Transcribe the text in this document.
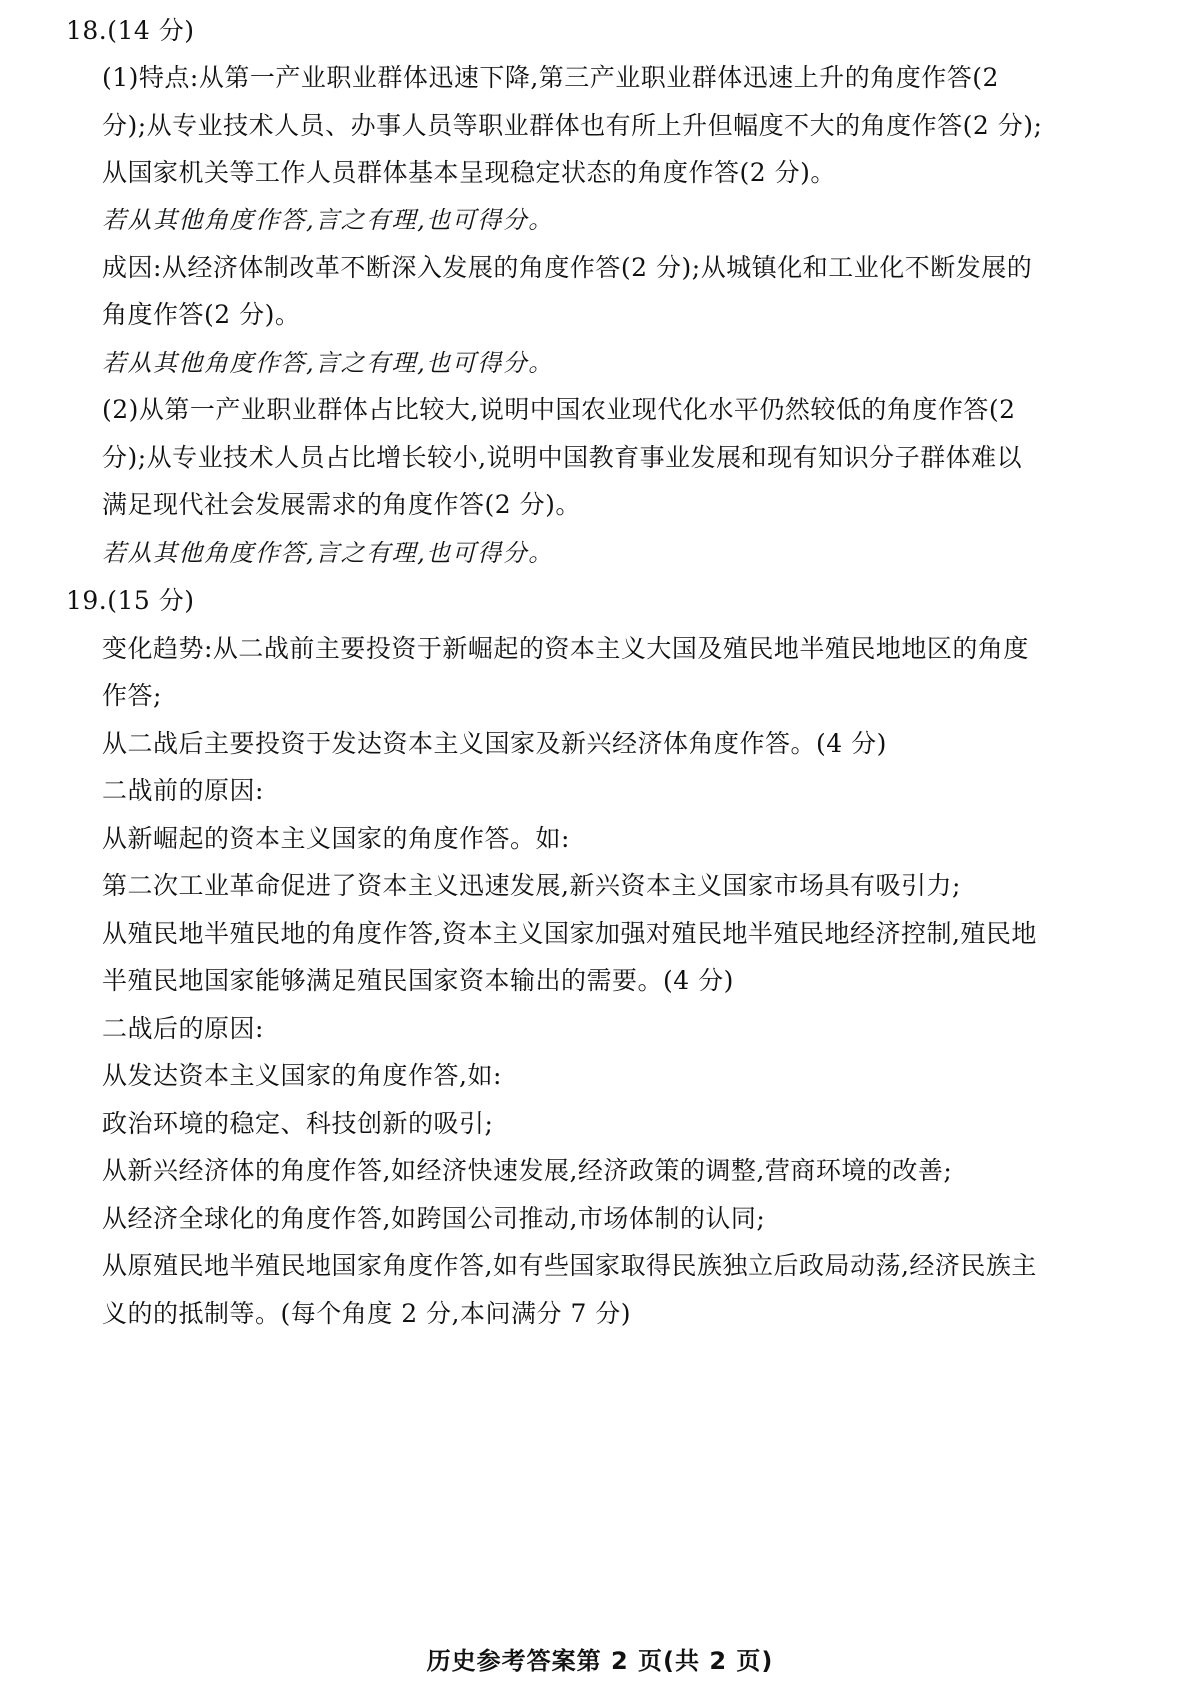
18.(14 分)
(1)特点:从第一产业职业群体迅速下降,第三产业职业群体迅速上升的角度作答(2
分);从专业技术人员、办事人员等职业群体也有所上升但幅度不大的角度作答(2 分);
从国家机关等工作人员群体基本呈现稳定状态的角度作答(2 分)。
若从其他角度作答,言之有理,也可得分。
成因:从经济体制改革不断深入发展的角度作答(2 分);从城镇化和工业化不断发展的
角度作答(2 分)。
若从其他角度作答,言之有理,也可得分。
(2)从第一产业职业群体占比较大,说明中国农业现代化水平仍然较低的角度作答(2
分);从专业技术人员占比增长较小,说明中国教育事业发展和现有知识分子群体难以
满足现代社会发展需求的角度作答(2 分)。
若从其他角度作答,言之有理,也可得分。
19.(15 分)
变化趋势:从二战前主要投资于新崛起的资本主义大国及殖民地半殖民地地区的角度
作答;
从二战后主要投资于发达资本主义国家及新兴经济体角度作答。(4 分)
二战前的原因:
从新崛起的资本主义国家的角度作答。如:
第二次工业革命促进了资本主义迅速发展,新兴资本主义国家市场具有吸引力;
从殖民地半殖民地的角度作答,资本主义国家加强对殖民地半殖民地经济控制,殖民地
半殖民地国家能够满足殖民国家资本输出的需要。(4 分)
二战后的原因:
从发达资本主义国家的角度作答,如:
政治环境的稳定、科技创新的吸引;
从新兴经济体的角度作答,如经济快速发展,经济政策的调整,营商环境的改善;
从经济全球化的角度作答,如跨国公司推动,市场体制的认同;
从原殖民地半殖民地国家角度作答,如有些国家取得民族独立后政局动荡,经济民族主
义的的抵制等。(每个角度 2 分,本问满分 7 分)
历史参考答案第 2 页(共 2 页)
